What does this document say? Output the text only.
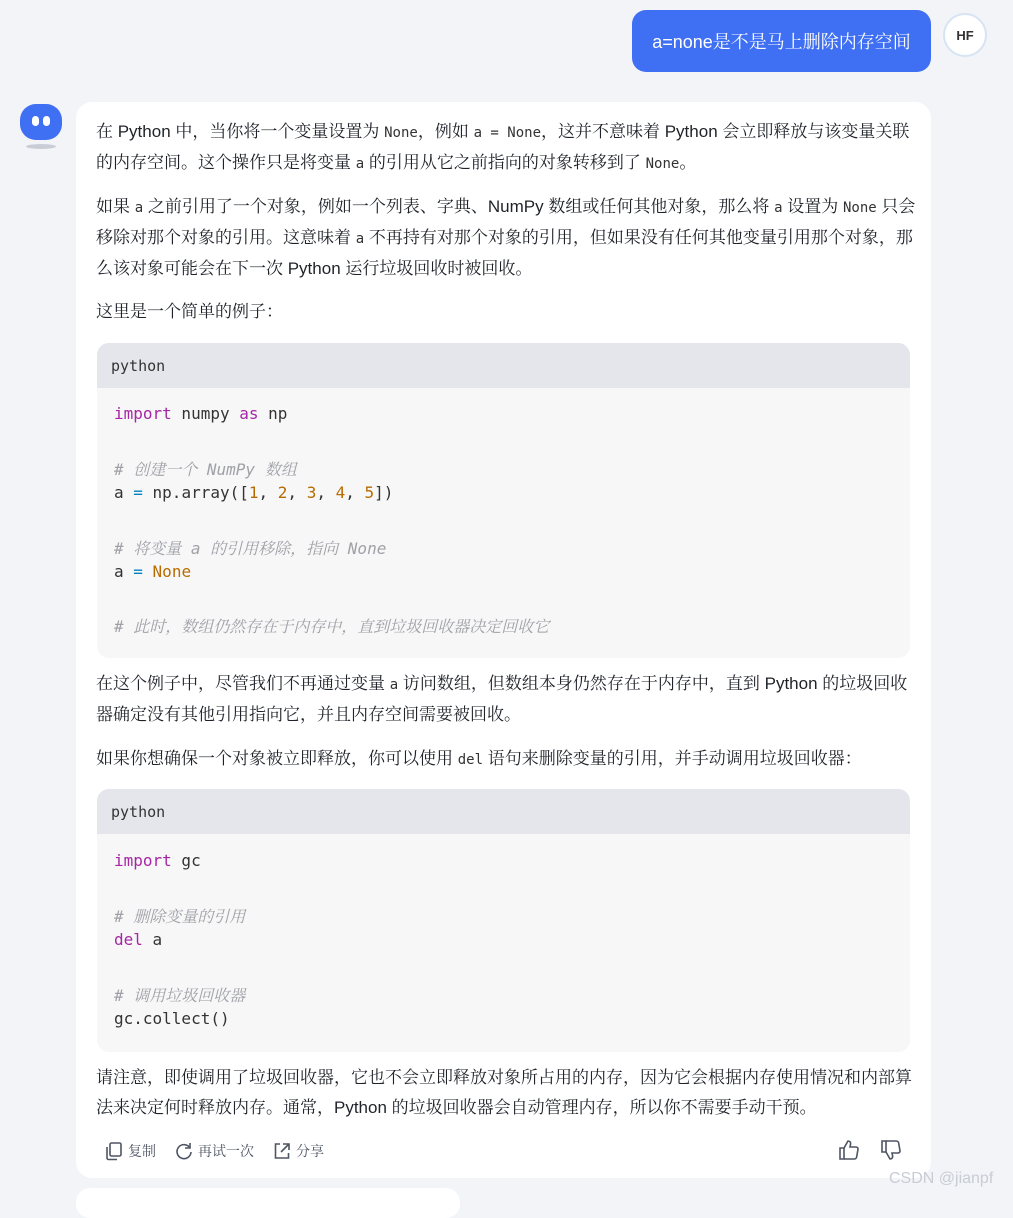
a=none是不是马上删除内存空间	HF

在 Python 中，当你将一个变量设置为 None，例如 a = None，这并不意味着 Python 会立即释放与该变量关联的内存空间。这个操作只是将变量 a 的引用从它之前指向的对象转移到了 None。

如果 a 之前引用了一个对象，例如一个列表、字典、NumPy 数组或任何其他对象，那么将 a 设置为 None 只会移除对那个对象的引用。这意味着 a 不再持有对那个对象的引用，但如果没有任何其他变量引用那个对象，那么该对象可能会在下一次 Python 运行垃圾回收时被回收。

这里是一个简单的例子：

python
import numpy as np
# 创建一个 NumPy 数组
a = np.array([1, 2, 3, 4, 5])
# 将变量 a 的引用移除，指向 None
a = None
# 此时，数组仍然存在于内存中，直到垃圾回收器决定回收它

在这个例子中，尽管我们不再通过变量 a 访问数组，但数组本身仍然存在于内存中，直到 Python 的垃圾回收器确定没有其他引用指向它，并且内存空间需要被回收。

如果你想确保一个对象被立即释放，你可以使用 del 语句来删除变量的引用，并手动调用垃圾回收器：

python
import gc
# 删除变量的引用
del a
# 调用垃圾回收器
gc.collect()

请注意，即使调用了垃圾回收器，它也不会立即释放对象所占用的内存，因为它会根据内存使用情况和内部算法来决定何时释放内存。通常，Python 的垃圾回收器会自动管理内存，所以你不需要手动干预。

复制	再试一次	分享
CSDN @jianpf
